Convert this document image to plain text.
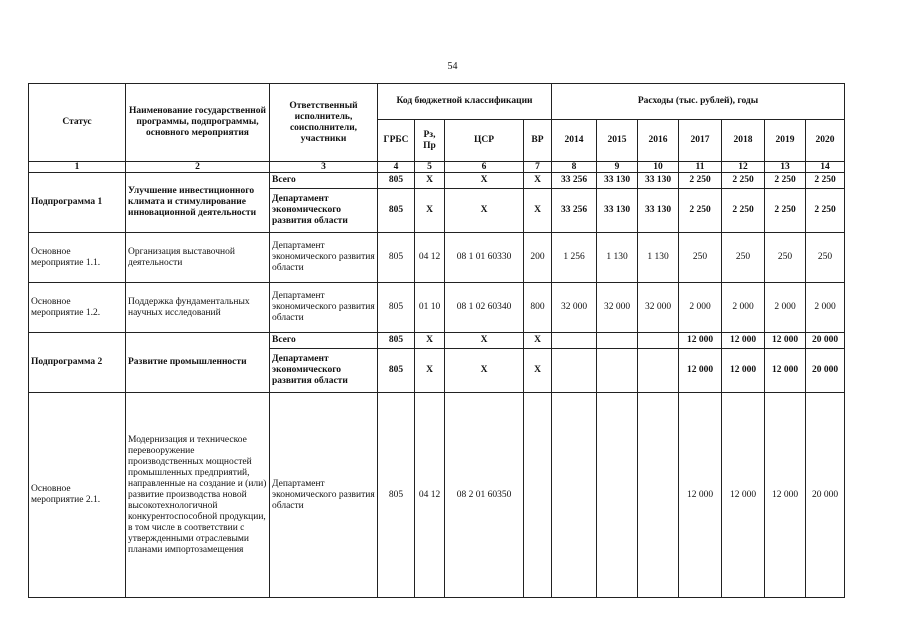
54
Статус	Наименование государственной программы, подпрограммы, основного мероприятия	Ответственный исполнитель, соисполнители, участники	Код бюджетной классификации				Расходы (тыс. рублей), годы						
			ГРБС	Рз, Пр	ЦСР	ВР	2014	2015	2016	2017	2018	2019	2020
1	2	3	4	5	6	7	8	9	10	11	12	13	14
Подпрограмма 1	Улучшение инвестиционного климата и стимулирование инновационной деятельности	Всего	805	X	X	X	33 256	33 130	33 130	2 250	2 250	2 250	2 250
		Департамент экономического развития области	805	X	X	X	33 256	33 130	33 130	2 250	2 250	2 250	2 250
Основное мероприятие 1.1.	Организация выставочной деятельности	Департамент экономического развития области	805	04 12	08 1 01 60330	200	1 256	1 130	1 130	250	250	250	250
Основное мероприятие 1.2.	Поддержка фундаментальных научных исследований	Департамент экономического развития области	805	01 10	08 1 02 60340	800	32 000	32 000	32 000	2 000	2 000	2 000	2 000
Подпрограмма 2	Развитие промышленности	Всего	805	X	X	X				12 000	12 000	12 000	20 000
		Департамент экономического развития области	805	X	X	X				12 000	12 000	12 000	20 000
Основное мероприятие 2.1.	Модернизация и техническое перевооружение производственных мощностей промышленных предприятий, направленные на создание и (или) развитие производства новой высокотехнологичной конкурентоспособной продукции, в том числе в соответствии с утвержденными отраслевыми планами импортозамещения	Департамент экономического развития области	805	04 12	08 2 01 60350					12 000	12 000	12 000	20 000
